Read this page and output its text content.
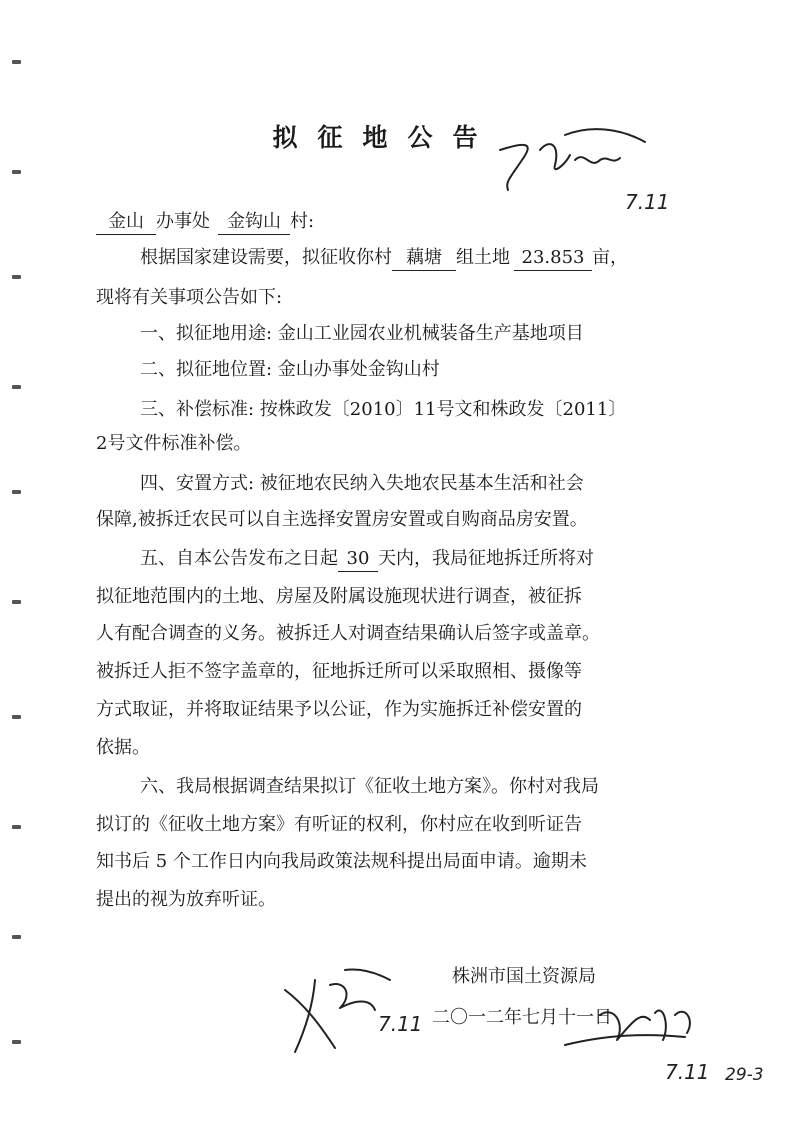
拟征地公告
7.11
金山 办事处 金钩山 村:
根据国家建设需要，拟征收你村 藕塘 组土地 23.853 亩，
现将有关事项公告如下:
一、拟征地用途: 金山工业园农业机械装备生产基地项目
二、拟征地位置: 金山办事处金钩山村
三、补偿标准: 按株政发〔2010〕11号文和株政发〔2011〕
2号文件标准补偿。
四、安置方式: 被征地农民纳入失地农民基本生活和社会
保障,被拆迁农民可以自主选择安置房安置或自购商品房安置。
五、自本公告发布之日起 30 天内，我局征地拆迁所将对
拟征地范围内的土地、房屋及附属设施现状进行调查，被征拆
人有配合调查的义务。被拆迁人对调查结果确认后签字或盖章。
被拆迁人拒不签字盖章的，征地拆迁所可以采取照相、摄像等
方式取证，并将取证结果予以公证，作为实施拆迁补偿安置的
依据。
六、我局根据调查结果拟订《征收土地方案》。你村对我局
拟订的《征收土地方案》有听证的权利，你村应在收到听证告
知书后 5 个工作日内向我局政策法规科提出局面申请。逾期未
提出的视为放弃听证。
株洲市国土资源局
二〇一二年七月十一日
7.11
7.11 29-3
